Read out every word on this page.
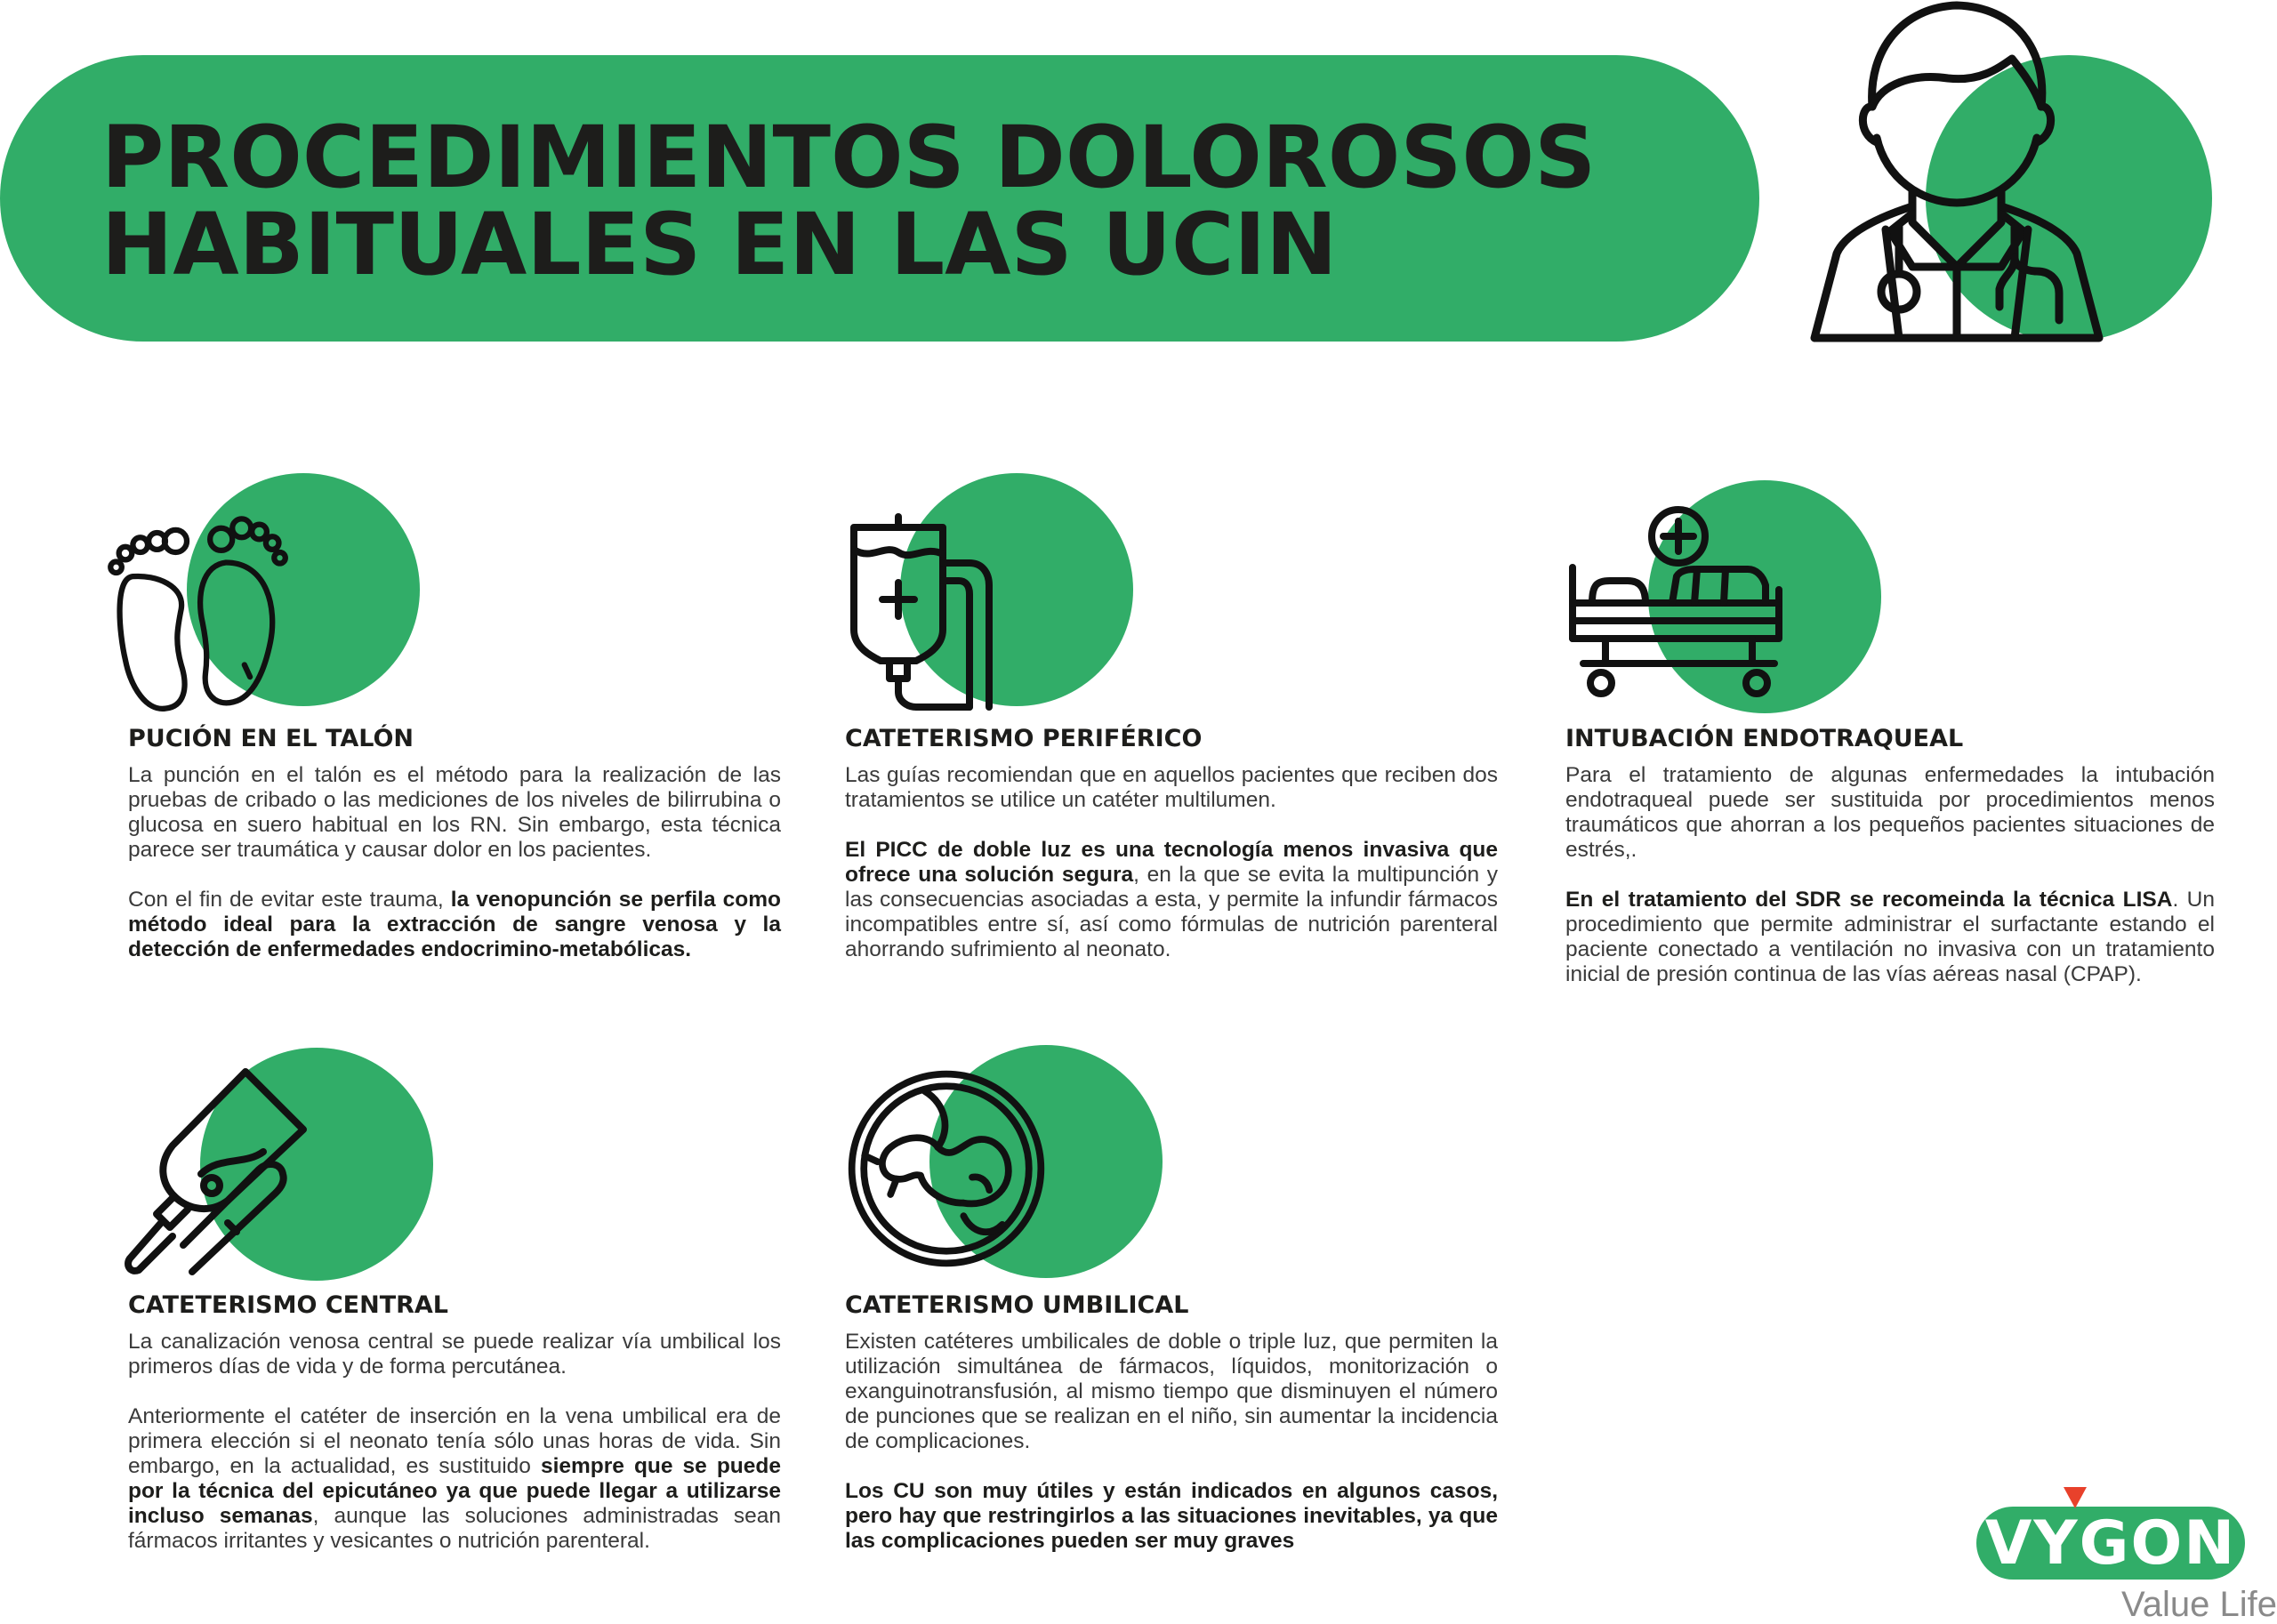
PROCEDIMIENTOS DOLOROSOS
HABITUALES EN LAS UCIN
PUCIÓN EN EL TALÓN

La punción en el talón es el método para la realización de las pruebas de cribado o las mediciones de los niveles de bilirrubina o glucosa en suero habitual en los RN. Sin embargo, esta técnica parece ser traumática y causar dolor en los pacientes.

Con el fin de evitar este trauma, la venopunción se perfila como método ideal para la extracción de sangre venosa y la detección de enfermedades endocrimino-metabólicas.

CATETERISMO PERIFÉRICO

Las guías recomiendan que en aquellos pacientes que reciben dos tratamientos se utilice un catéter multilumen.

El PICC de doble luz es una tecnología menos invasiva que ofrece una solución segura, en la que se evita la multipunción y las consecuencias asociadas a esta, y permite la infundir fármacos incompatibles entre sí, así como fórmulas de nutrición parenteral ahorrando sufrimiento al neonato.

INTUBACIÓN ENDOTRAQUEAL

Para el tratamiento de algunas enfermedades la intubación endotraqueal puede ser sustituida por procedimientos menos traumáticos que ahorran a los pequeños pacientes situaciones de estrés,.

En el tratamiento del SDR se recomeinda la técnica LISA. Un procedimiento que permite administrar el surfactante estando el paciente conectado a ventilación no invasiva con un tratamiento inicial de presión continua de las vías aéreas nasal (CPAP).

CATETERISMO CENTRAL

La canalización venosa central se puede realizar vía umbilical los primeros días de vida y de forma percutánea.

Anteriormente el catéter de inserción en la vena umbilical era de primera elección si el neonato tenía sólo unas horas de vida. Sin embargo, en la actualidad, es sustituido siempre que se puede por la técnica del epicutáneo ya que puede llegar a utilizarse incluso semanas, aunque las soluciones administradas sean fármacos irritantes y vesicantes o nutrición parenteral.

CATETERISMO UMBILICAL

Existen catéteres umbilicales de doble o triple luz, que permiten la utilización simultánea de fármacos, líquidos, monitorización o exanguinotransfusión, al mismo tiempo que disminuyen el número de punciones que se realizan en el niño, sin aumentar la incidencia de complicaciones.

Los CU son muy útiles y están indicados en algunos casos, pero hay que restringirlos a las situaciones inevitables, ya que las complicaciones pueden ser muy graves	VYGON
Value Life
